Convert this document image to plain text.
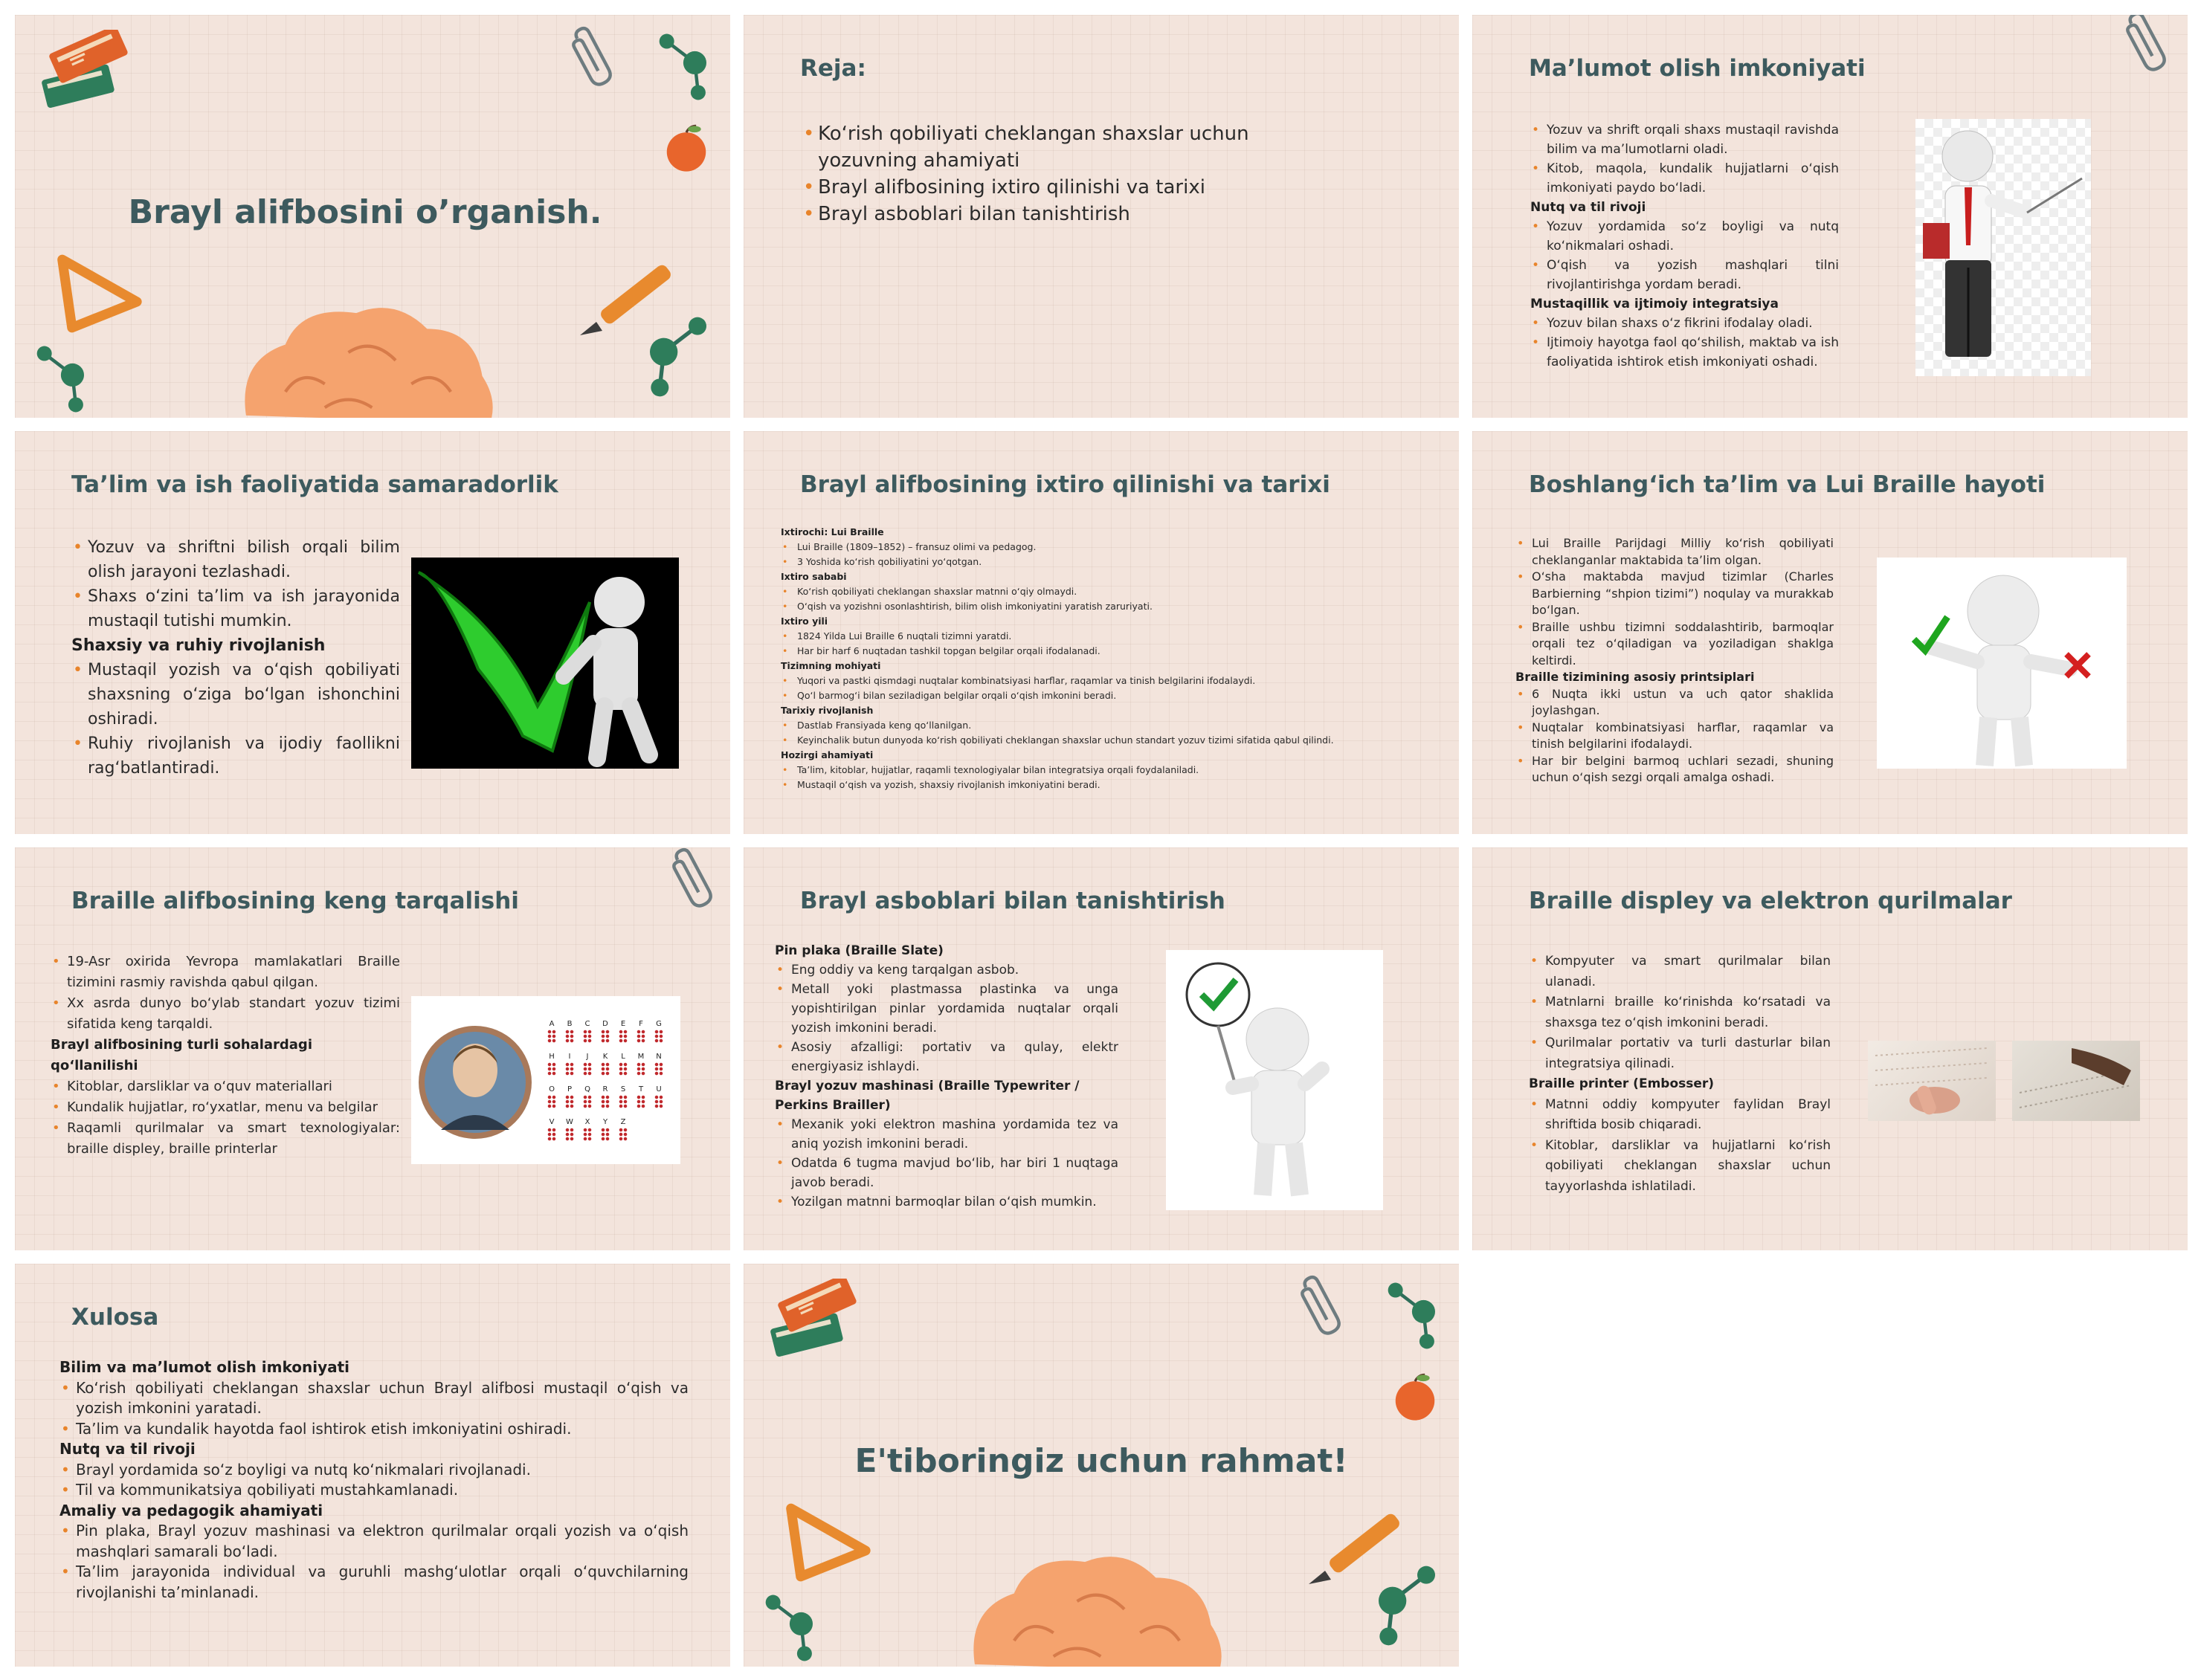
Brayl alifbosini o’rganish.
Reja:
• Ko‘rish qobiliyati cheklangan shaxslar uchun yozuvning ahamiyati
• Brayl alifbosining ixtiro qilinishi va tarixi
• Brayl asboblari bilan tanishtirish
Ma’lumot olish imkoniyati
• Yozuv va shrift orqali shaxs mustaqil ravishda bilim va ma’lumotlarni oladi.
• Kitob, maqola, kundalik hujjatlarni o‘qish imkoniyati paydo bo‘ladi.
Nutq va til rivoji
• Yozuv yordamida so‘z boyligi va nutq ko‘nikmalari oshadi.
• O‘qish va yozish mashqlari tilni rivojlantirishga yordam beradi.
Mustaqillik va ijtimoiy integratsiya
• Yozuv bilan shaxs o‘z fikrini ifodalay oladi.
• Ijtimoiy hayotga faol qo‘shilish, maktab va ish faoliyatida ishtirok etish imkoniyati oshadi.
Ta’lim va ish faoliyatida samaradorlik
• Yozuv va shriftni bilish orqali bilim olish jarayoni tezlashadi.
• Shaxs o‘zini ta’lim va ish jarayonida mustaqil tutishi mumkin.
Shaxsiy va ruhiy rivojlanish
• Mustaqil yozish va o‘qish qobiliyati shaxsning o‘ziga bo‘lgan ishonchini oshiradi.
• Ruhiy rivojlanish va ijodiy faollikni rag‘batlantiradi.
Brayl alifbosining ixtiro qilinishi va tarixi
Ixtirochi: Lui Braille
• Lui Braille (1809–1852) – fransuz olimi va pedagog.
• 3 Yoshida ko‘rish qobiliyatini yo‘qotgan.
Ixtiro sababi
• Ko‘rish qobiliyati cheklangan shaxslar matnni o‘qiy olmaydi.
• O‘qish va yozishni osonlashtirish, bilim olish imkoniyatini yaratish zaruriyati.
Ixtiro yili
• 1824 Yilda Lui Braille 6 nuqtali tizimni yaratdi.
• Har bir harf 6 nuqtadan tashkil topgan belgilar orqali ifodalanadi.
Tizimning mohiyati
• Yuqori va pastki qismdagi nuqtalar kombinatsiyasi harflar, raqamlar va tinish belgilarini ifodalaydi.
• Qo‘l barmog‘i bilan seziladigan belgilar orqali o‘qish imkonini beradi.
Tarixiy rivojlanish
• Dastlab Fransiyada keng qo‘llanilgan.
• Keyinchalik butun dunyoda ko‘rish qobiliyati cheklangan shaxslar uchun standart yozuv tizimi sifatida qabul qilindi.
Hozirgi ahamiyati
• Ta’lim, kitoblar, hujjatlar, raqamli texnologiyalar bilan integratsiya orqali foydalaniladi.
• Mustaqil o‘qish va yozish, shaxsiy rivojlanish imkoniyatini beradi.
Boshlang‘ich ta’lim va Lui Braille hayoti
• Lui Braille Parijdagi Milliy ko‘rish qobiliyati cheklanganlar maktabida ta’lim olgan.
• O‘sha maktabda mavjud tizimlar (Charles Barbierning “shpion tizimi”) noqulay va murakkab bo‘lgan.
• Braille ushbu tizimni soddalashtirib, barmoqlar orqali tez o‘qiladigan va yoziladigan shaklga keltirdi.
Braille tizimining asosiy printsiplari
• 6 Nuqta ikki ustun va uch qator shaklida joylashgan.
• Nuqtalar kombinatsiyasi harflar, raqamlar va tinish belgilarini ifodalaydi.
• Har bir belgini barmoq uchlari sezadi, shuning uchun o‘qish sezgi orqali amalga oshadi.
Braille alifbosining keng tarqalishi
• 19-Asr oxirida Yevropa mamlakatlari Braille tizimini rasmiy ravishda qabul qilgan.
• Xx asrda dunyo bo‘ylab standart yozuv tizimi sifatida keng tarqaldi.
Brayl alifbosining turli sohalardagi qo‘llanilishi
• Kitoblar, darsliklar va o‘quv materiallari
• Kundalik hujjatlar, ro‘yxatlar, menu va belgilar
• Raqamli qurilmalar va smart texnologiyalar: braille displey, braille printerlar
A	B	C	D	E	F	G
H	I	J	K	L	M	N
O	P	Q	R	S	T	U
V	W	X	Y	Z
Brayl asboblari bilan tanishtirish
Pin plaka (Braille Slate)
• Eng oddiy va keng tarqalgan asbob.
• Metall yoki plastmassa plastinka va unga yopishtirilgan pinlar yordamida nuqtalar orqali yozish imkonini beradi.
• Asosiy afzalligi: portativ va qulay, elektr energiyasiz ishlaydi.
Brayl yozuv mashinasi (Braille Typewriter / Perkins Brailler)
• Mexanik yoki elektron mashina yordamida tez va aniq yozish imkonini beradi.
• Odatda 6 tugma mavjud bo‘lib, har biri 1 nuqtaga javob beradi.
• Yozilgan matnni barmoqlar bilan o‘qish mumkin.
Braille displey va elektron qurilmalar
• Kompyuter va smart qurilmalar bilan ulanadi.
• Matnlarni braille ko‘rinishda ko‘rsatadi va shaxsga tez o‘qish imkonini beradi.
• Qurilmalar portativ va turli dasturlar bilan integratsiya qilinadi.
Braille printer (Embosser)
• Matnni oddiy kompyuter faylidan Brayl shriftida bosib chiqaradi.
• Kitoblar, darsliklar va hujjatlarni ko‘rish qobiliyati cheklangan shaxslar uchun tayyorlashda ishlatiladi.
Xulosa
Bilim va ma’lumot olish imkoniyati
• Ko‘rish qobiliyati cheklangan shaxslar uchun Brayl alifbosi mustaqil o‘qish va yozish imkonini yaratadi.
• Ta’lim va kundalik hayotda faol ishtirok etish imkoniyatini oshiradi.
Nutq va til rivoji
• Brayl yordamida so‘z boyligi va nutq ko‘nikmalari rivojlanadi.
• Til va kommunikatsiya qobiliyati mustahkamlanadi.
Amaliy va pedagogik ahamiyati
• Pin plaka, Brayl yozuv mashinasi va elektron qurilmalar orqali yozish va o‘qish mashqlari samarali bo‘ladi.
• Ta’lim jarayonida individual va guruhli mashg‘ulotlar orqali o‘quvchilarning rivojlanishi ta’minlanadi.
E'tiboringiz uchun rahmat!
